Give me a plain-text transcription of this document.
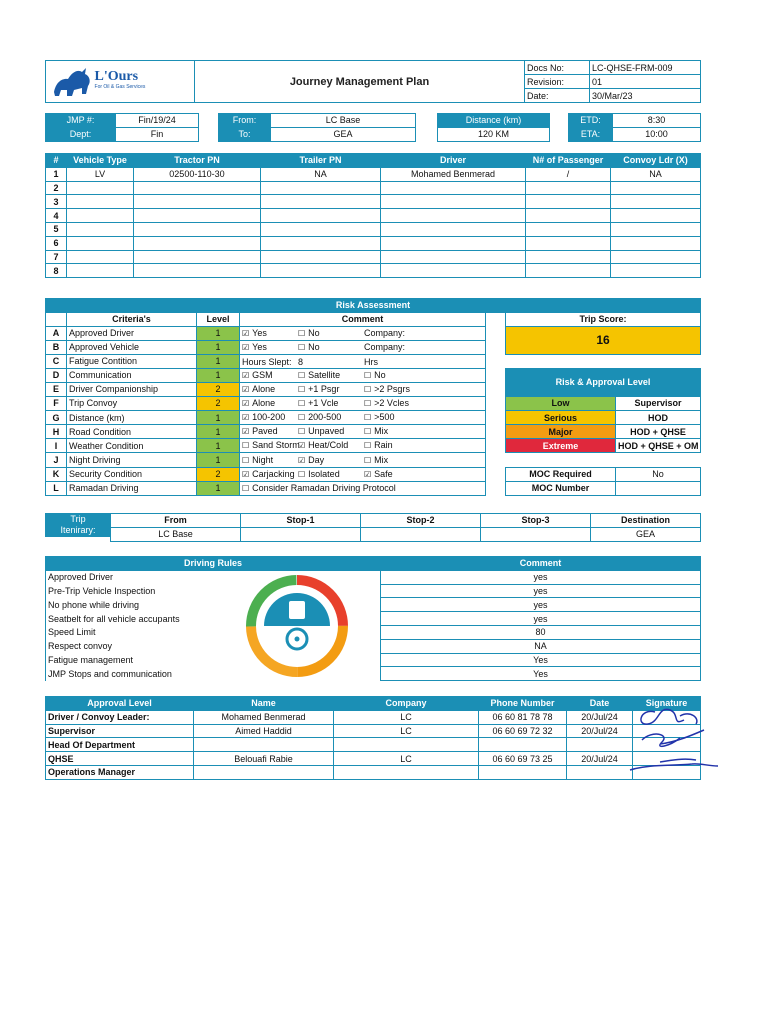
L'Ours
For Oil & Gas Services	Journey Management Plan	Docs No:	LC-QHSE-FRM-009
		Revision:	01
		Date:	30/Mar/23
JMP #:	Fin/19/24
Dept:	Fin
From:	LC Base
To:	GEA
Distance (km)
120 KM
ETD:	8:30
ETA:	10:00
#	Vehicle Type	Tractor PN	Trailer PN	Driver	N# of Passenger	Convoy Ldr (X)
1	LV	02500-110-30	NA	Mohamed Benmerad	/	NA
2						
3						
4						
5						
6						
7						
8						
Risk Assessment							
	Criteria's	Level	Comment		Trip Score:		
A	Approved Driver	1	☑ Yes ☐ No Company:		16		
B	Approved Vehicle	1	☑ Yes ☐ No Company:				
C	Fatigue Contition	1	Hours Slept: 8 Hrs				
D	Communication	1	☑ GSM ☐ Satellite ☐ No		Risk & Approval Level		
E	Driver Companionship	2	☑ Alone ☐ +1 Psgr ☐ >2 Psgrs				
F	Trip Convoy	2	☑ Alone ☐ +1 Vcle ☐ >2 Vcles		Low	Supervisor	
G	Distance (km)	1	☑ 100-200 ☐ 200-500 ☐ >500		Serious	HOD	
H	Road Condition	1	☑ Paved ☐ Unpaved ☐ Mix		Major	HOD + QHSE	
I	Weather Condition	1	☐ Sand Storm☑ Heat/Cold ☐ Rain		Extreme	HOD + QHSE + OM	
J	Night Driving	1	☐ Night ☑ Day ☐ Mix				
K	Security Condition	2	☑ Carjacking ☐ Isolated ☑ Safe		MOC Required	No	
L	Ramadan Driving	1	☐ Consider Ramadan Driving Protocol		MOC Number		
Trip
Itenirary:
From	Stop-1	Stop-2	Stop-3	Destination
LC Base				GEA
Driving Rules	Comment
Approved Driver	yes
Pre-Trip Vehicle Inspection	yes
No phone while driving	yes
Seatbelt for all vehicle accupants	yes
Speed Limit	80
Respect convoy	NA
Fatigue management	Yes
JMP Stops and communication	Yes
Approval Level	Name	Company	Phone Number	Date	Signature
Driver / Convoy Leader:	Mohamed Benmerad	LC	06 60 81 78 78	20/Jul/24	
Supervisor	Aimed Haddid	LC	06 60 69 72 32	20/Jul/24	
Head Of Department					
QHSE	Belouafi Rabie	LC	06 60 69 73 25	20/Jul/24	
Operations Manager					
